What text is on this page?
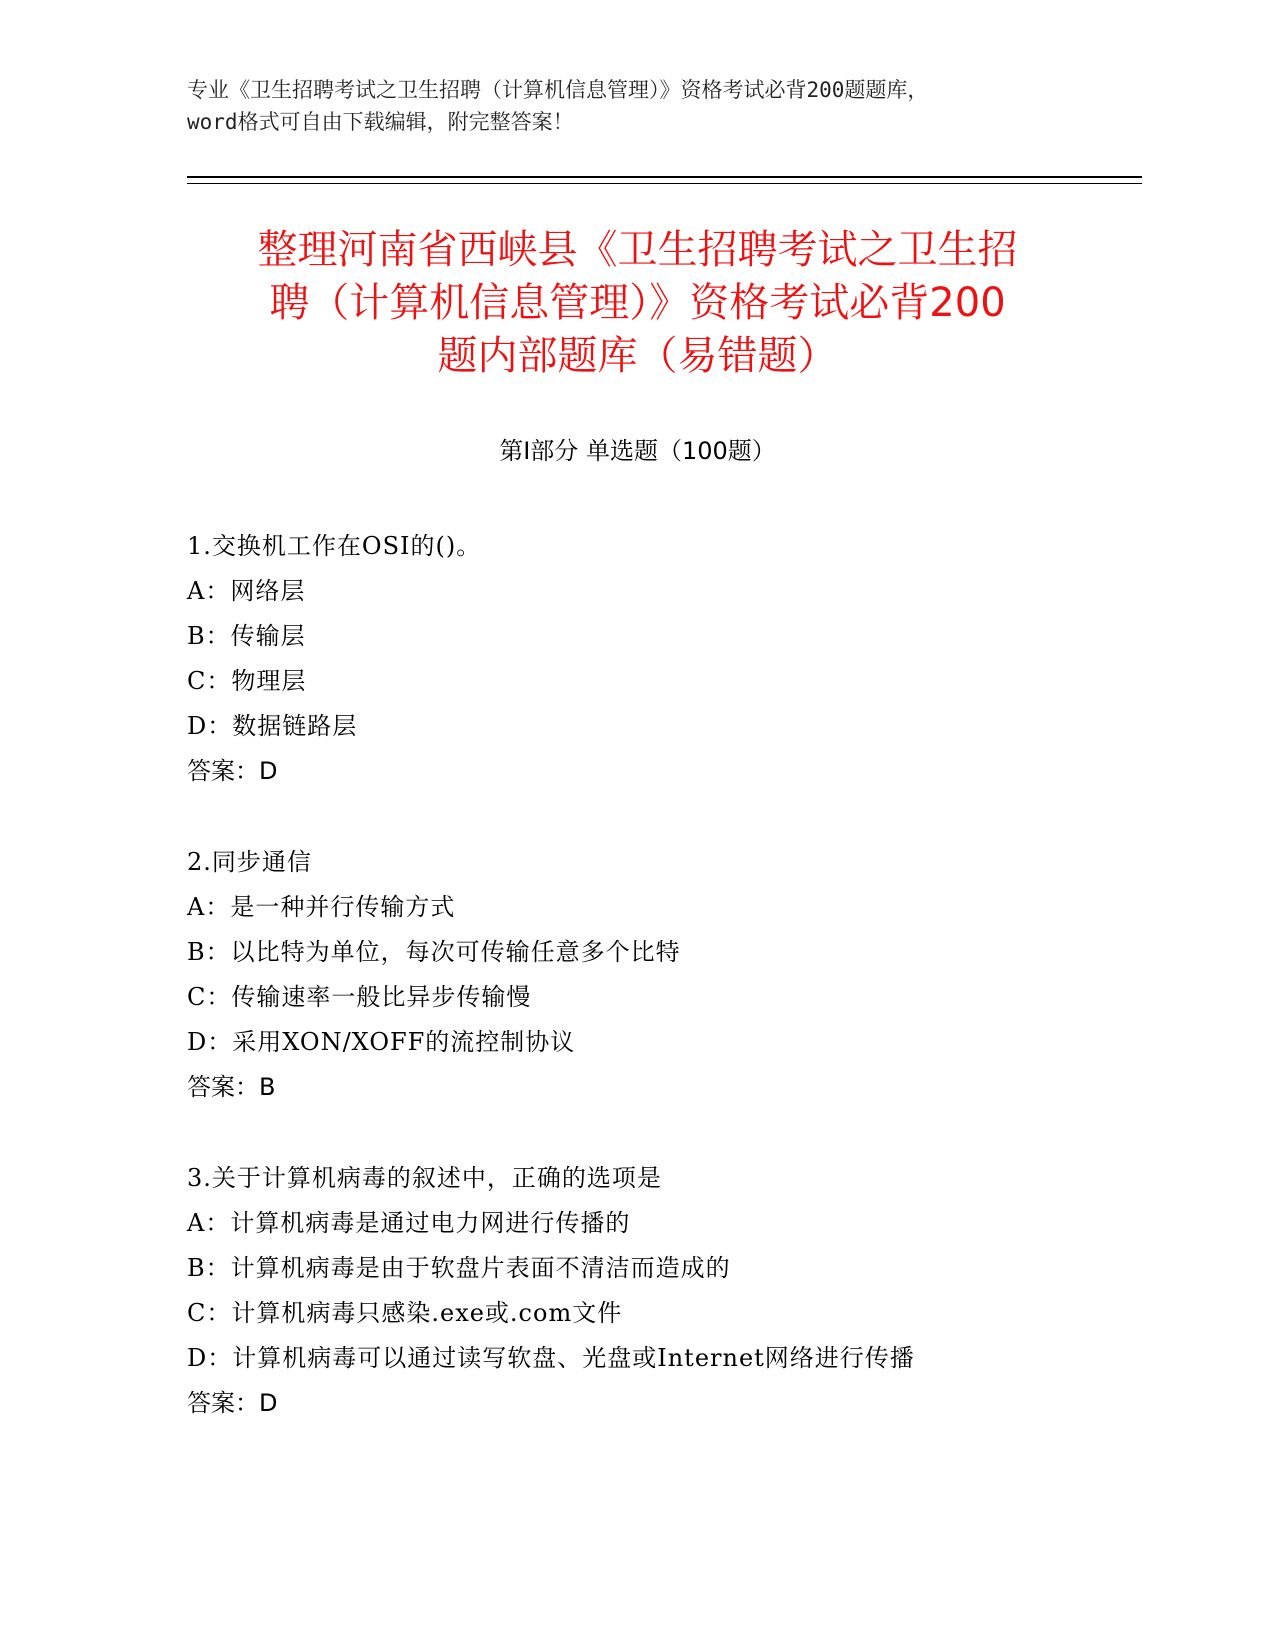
专业《卫生招聘考试之卫生招聘（计算机信息管理）》资格考试必背200题题库，
word格式可自由下载编辑，附完整答案！
整理河南省西峡县《卫生招聘考试之卫生招
聘（计算机信息管理）》资格考试必背200
题内部题库（易错题）
第Ⅰ部分 单选题（100题）
1.交换机工作在OSI的()。
A：网络层
B：传输层
C：物理层
D：数据链路层
答案：D
2.同步通信
A：是一种并行传输方式
B：以比特为单位，每次可传输任意多个比特
C：传输速率一般比异步传输慢
D：采用XON/XOFF的流控制协议
答案：B
3.关于计算机病毒的叙述中，正确的选项是
A：计算机病毒是通过电力网进行传播的
B：计算机病毒是由于软盘片表面不清洁而造成的
C：计算机病毒只感染.exe或.com文件
D：计算机病毒可以通过读写软盘、光盘或Internet网络进行传播
答案：D
